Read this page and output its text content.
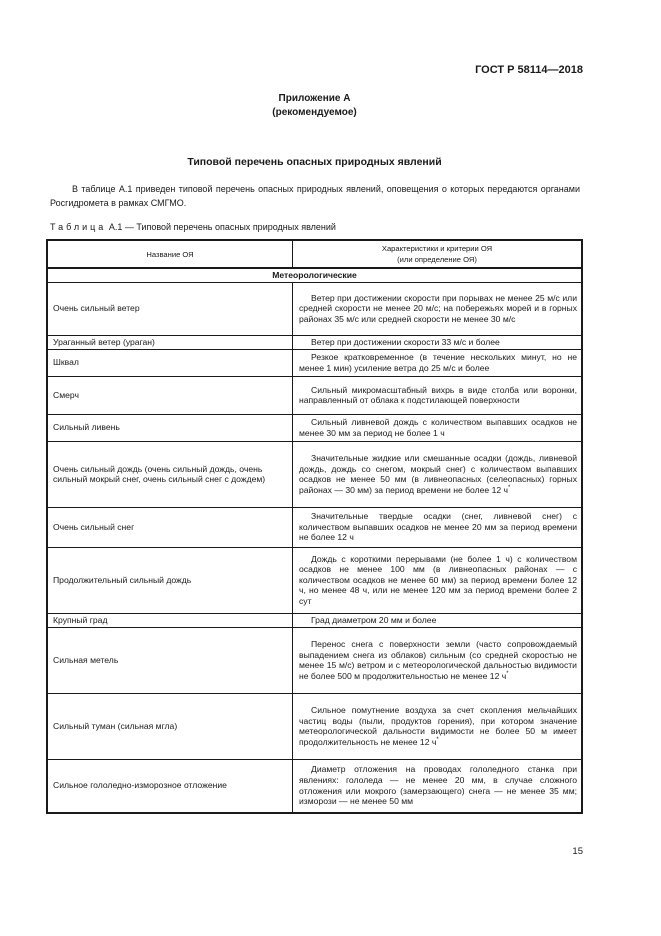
ГОСТ Р 58114—2018
Приложение А
(рекомендуемое)
Типовой перечень опасных природных явлений
В таблице А.1 приведен типовой перечень опасных природных явлений, оповещения о которых передаются органами Росгидромета в рамках СМГМО.
Таблица А.1 — Типовой перечень опасных природных явлений
Название ОЯ	Характеристики и критерии ОЯ
(или определение ОЯ)

Метеорологические	
Очень сильный ветер	Ветер при достижении скорости при порывах не менее 25 м/с или средней скорости не менее 20 м/с; на побережьях морей и в горных районах 35 м/с или средней скорости не менее 30 м/с

Ураганный ветер (ураган)	Ветер при достижении скорости 33 м/с и более

Шквал	Резкое кратковременное (в течение нескольких минут, но не менее 1 мин) усиление ветра до 25 м/с и более

Смерч	Сильный микромасштабный вихрь в виде столба или воронки, направленный от облака к подстилающей поверхности

Сильный ливень	Сильный ливневой дождь с количеством выпавших осадков не менее 30 мм за период не более 1 ч

Очень сильный дождь (очень сильный дождь, очень сильный мокрый снег, очень сильный снег с дождем)	Значительные жидкие или смешанные осадки (дождь, ливневой дождь, дождь со снегом, мокрый снег) с количеством выпавших осадков не менее 50 мм (в ливнеопасных (селеопасных) горных районах — 30 мм) за период времени не более 12 ч*

Очень сильный снег	Значительные твердые осадки (снег, ливневой снег) с количеством выпавших осадков не менее 20 мм за период времени не более 12 ч

Продолжительный сильный дождь	Дождь с короткими перерывами (не более 1 ч) с количеством осадков не менее 100 мм (в ливнеопасных районах — с количеством осадков не менее 60 мм) за период времени более 12 ч, но менее 48 ч, или не менее 120 мм за период времени более 2 сут

Крупный град	Град диаметром 20 мм и более

Сильная метель	Перенос снега с поверхности земли (часто сопровождаемый выпадением снега из облаков) сильным (со средней скоростью не менее 15 м/с) ветром и с метеорологической дальностью видимости не более 500 м продолжительностью не менее 12 ч*

Сильный туман (сильная мгла)	Сильное помутнение воздуха за счет скопления мельчайших частиц воды (пыли, продуктов горения), при котором значение метеорологической дальности видимости не более 50 м имеет продолжительность не менее 12 ч*

Сильное гололедно-изморозное отложение	Диаметр отложения на проводах гололедного станка при явлениях: гололеда — не менее 20 мм, в случае сложного отложения или мокрого (замерзающего) снега — не менее 35 мм; изморози — не менее 50 мм
15
